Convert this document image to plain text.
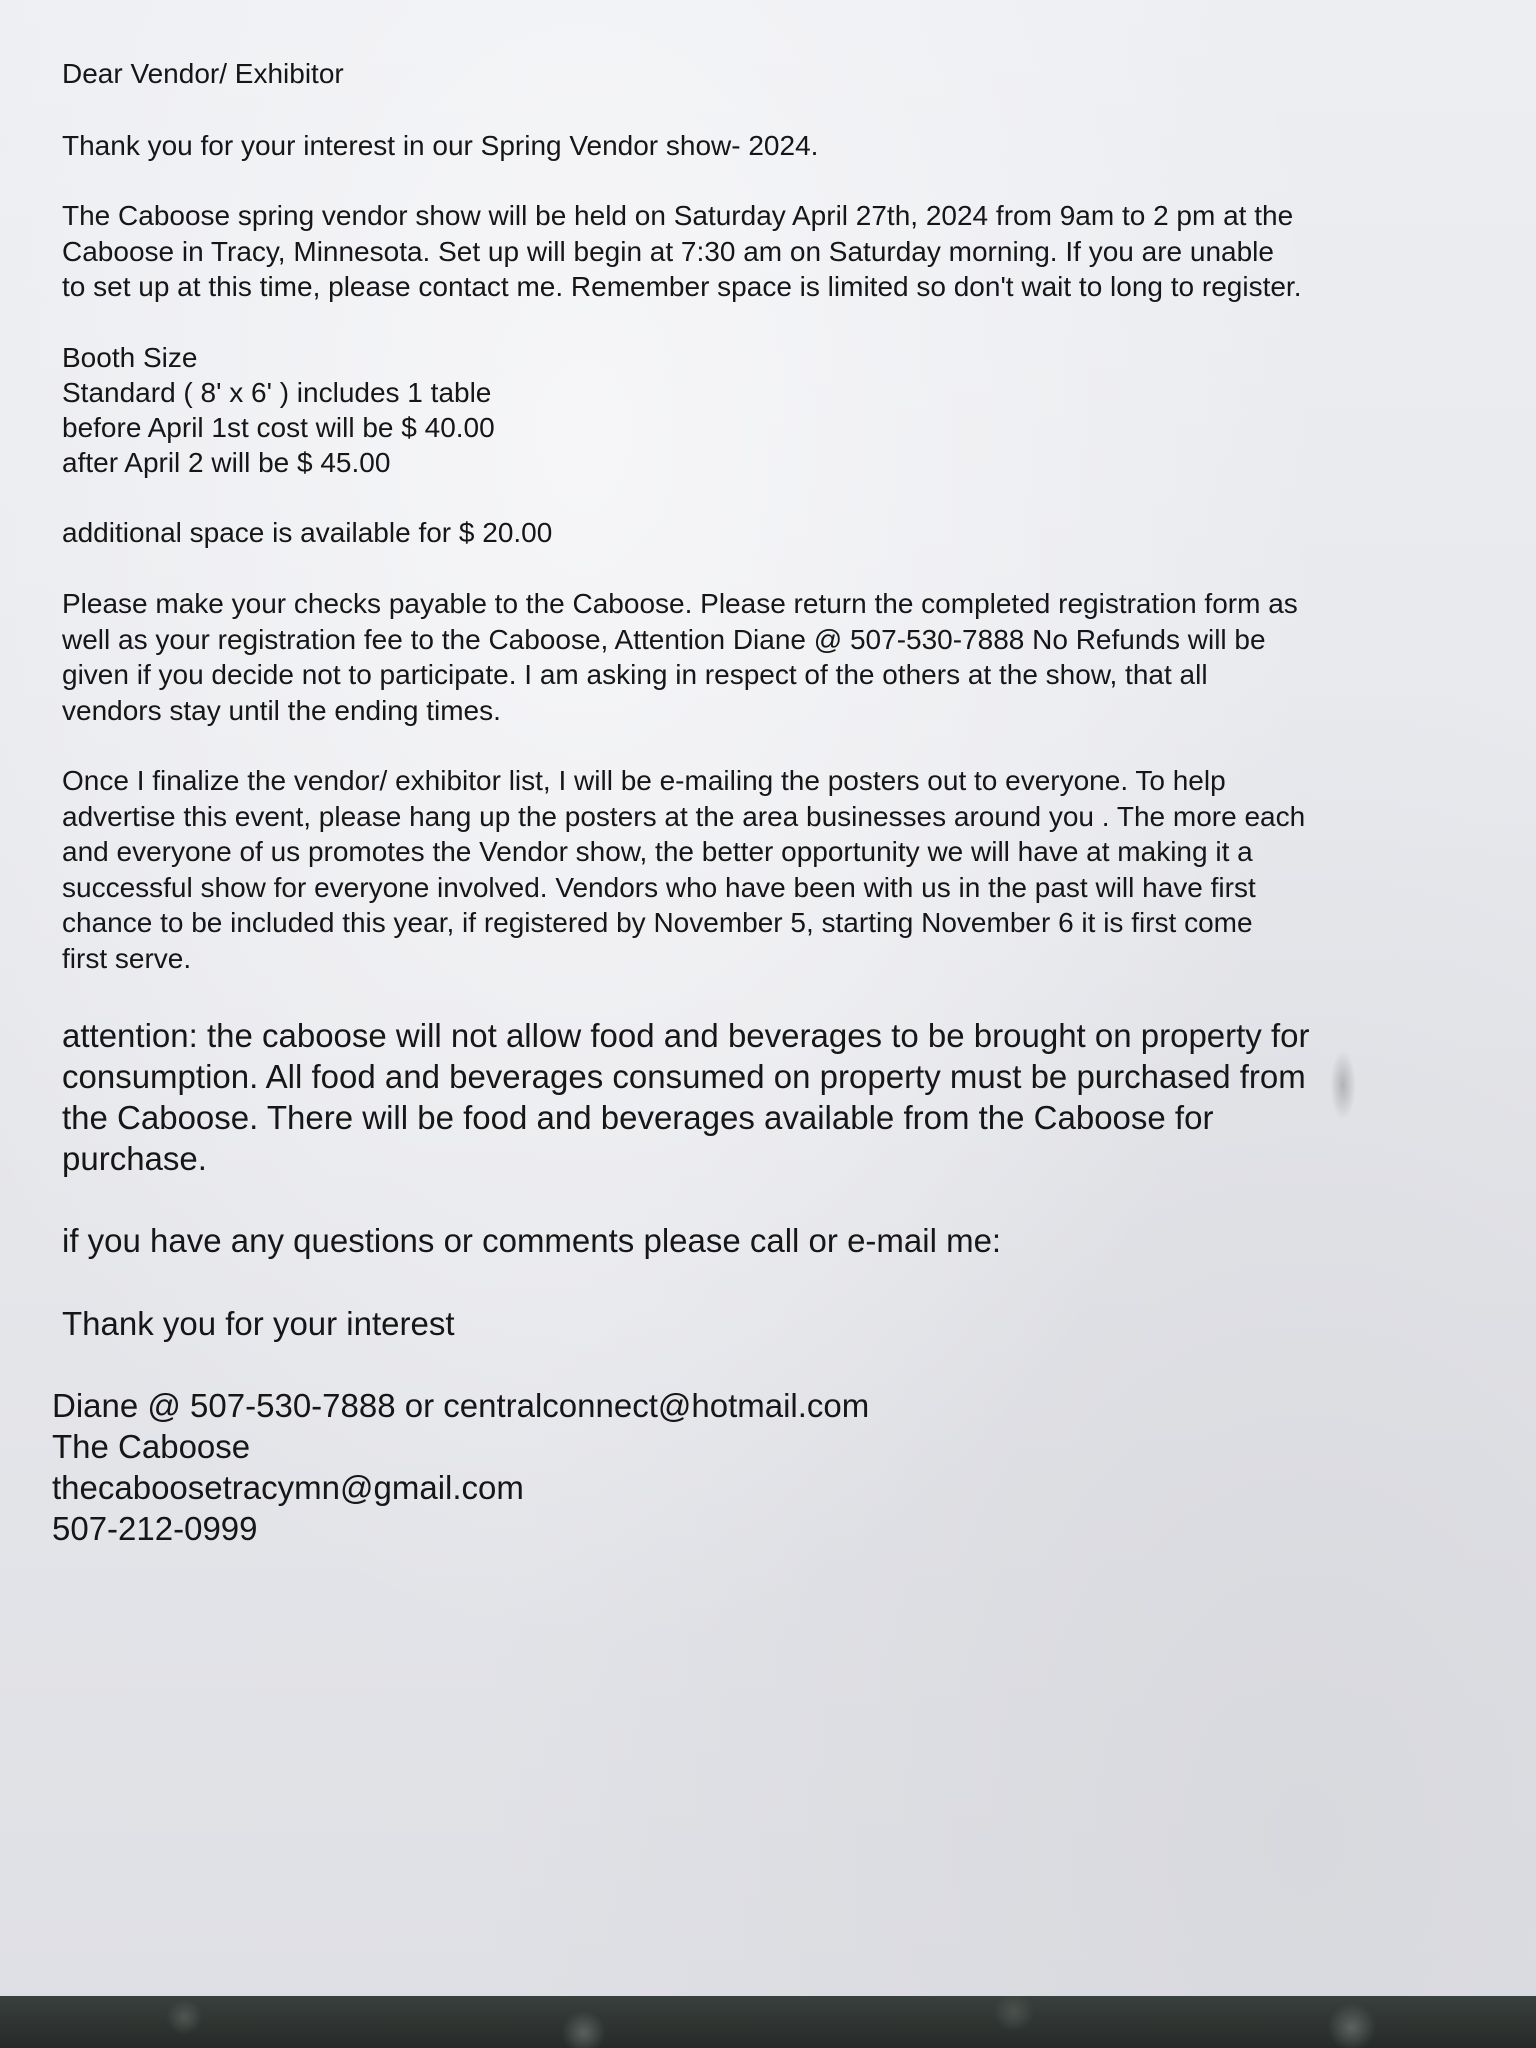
Dear Vendor/ Exhibitor

Thank you for your interest in our Spring Vendor show- 2024.

The Caboose spring vendor show will be held on Saturday April 27th, 2024 from 9am to 2 pm at the
Caboose in Tracy, Minnesota. Set up will begin at 7:30 am on Saturday morning. If you are unable
to set up at this time, please contact me. Remember space is limited so don't wait to long to register.

Booth Size

Standard ( 8' x 6' ) includes 1 table

before April 1st cost will be $ 40.00

after April 2 will be $ 45.00

additional space is available for $ 20.00

Please make your checks payable to the Caboose. Please return the completed registration form as
well as your registration fee to the Caboose, Attention Diane @ 507-530-7888 No Refunds will be
given if you decide not to participate. I am asking in respect of the others at the show, that all
vendors stay until the ending times.

Once I finalize the vendor/ exhibitor list, I will be e-mailing the posters out to everyone. To help
advertise this event, please hang up the posters at the area businesses around you . The more each
and everyone of us promotes the Vendor show, the better opportunity we will have at making it a
successful show for everyone involved. Vendors who have been with us in the past will have first
chance to be included this year, if registered by November 5, starting November 6 it is first come
first serve.

attention: the caboose will not allow food and beverages to be brought on property for
consumption. All food and beverages consumed on property must be purchased from
the Caboose. There will be food and beverages available from the Caboose for
purchase.

if you have any questions or comments please call or e-mail me:

Thank you for your interest

Diane @ 507-530-7888 or centralconnect@hotmail.com

The Caboose

thecaboosetracymn@gmail.com

507-212-0999
